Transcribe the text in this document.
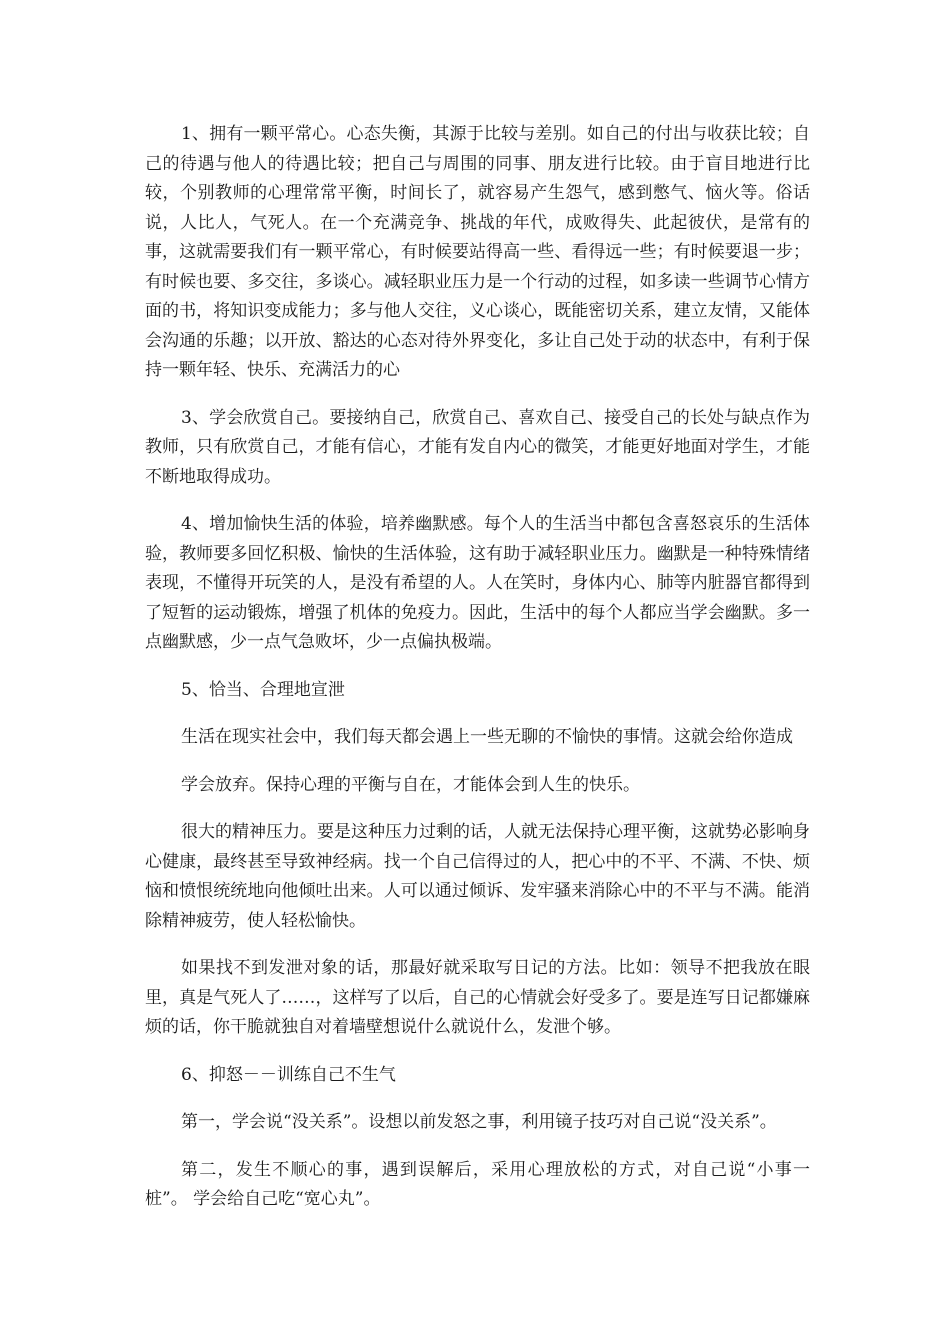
1、拥有一颗平常心。心态失衡，其源于比较与差别。如自己的付出与收获比较；自己的待遇与他人的待遇比较；把自己与周围的同事、朋友进行比较。由于盲目地进行比较，个别教师的心理常常平衡，时间长了，就容易产生怨气，感到憋气、恼火等。俗话说，人比人，气死人。在一个充满竞争、挑战的年代，成败得失、此起彼伏，是常有的事，这就需要我们有一颗平常心，有时候要站得高一些、看得远一些；有时候要退一步；有时候也要、多交往，多谈心。减轻职业压力是一个行动的过程，如多读一些调节心情方面的书，将知识变成能力；多与他人交往，义心谈心，既能密切关系，建立友情，又能体会沟通的乐趣；以开放、豁达的心态对待外界变化，多让自己处于动的状态中，有利于保持一颗年轻、快乐、充满活力的心

3、学会欣赏自己。要接纳自己，欣赏自己、喜欢自己、接受自己的长处与缺点作为教师，只有欣赏自己，才能有信心，才能有发自内心的微笑，才能更好地面对学生，才能不断地取得成功。

4、增加愉快生活的体验，培养幽默感。每个人的生活当中都包含喜怒哀乐的生活体验，教师要多回忆积极、愉快的生活体验，这有助于减轻职业压力。幽默是一种特殊情绪表现，不懂得开玩笑的人，是没有希望的人。人在笑时，身体内心、肺等内脏器官都得到了短暂的运动锻炼，增强了机体的免疫力。因此，生活中的每个人都应当学会幽默。多一点幽默感，少一点气急败坏，少一点偏执极端。

5、恰当、合理地宣泄

生活在现实社会中，我们每天都会遇上一些无聊的不愉快的事情。这就会给你造成

学会放弃。保持心理的平衡与自在，才能体会到人生的快乐。

很大的精神压力。要是这种压力过剩的话，人就无法保持心理平衡，这就势必影响身心健康，最终甚至导致神经病。找一个自己信得过的人，把心中的不平、不满、不快、烦恼和愤恨统统地向他倾吐出来。人可以通过倾诉、发牢骚来消除心中的不平与不满。能消除精神疲劳，使人轻松愉快。

如果找不到发泄对象的话，那最好就采取写日记的方法。比如：领导不把我放在眼里，真是气死人了……，这样写了以后，自己的心情就会好受多了。要是连写日记都嫌麻烦的话，你干脆就独自对着墙壁想说什么就说什么，发泄个够。

6、抑怒－－训练自己不生气

第一，学会说“没关系”。设想以前发怒之事，利用镜子技巧对自己说“没关系”。

第二，发生不顺心的事，遇到误解后，采用心理放松的方式，对自己说“小事一桩”。 学会给自己吃“宽心丸”。
